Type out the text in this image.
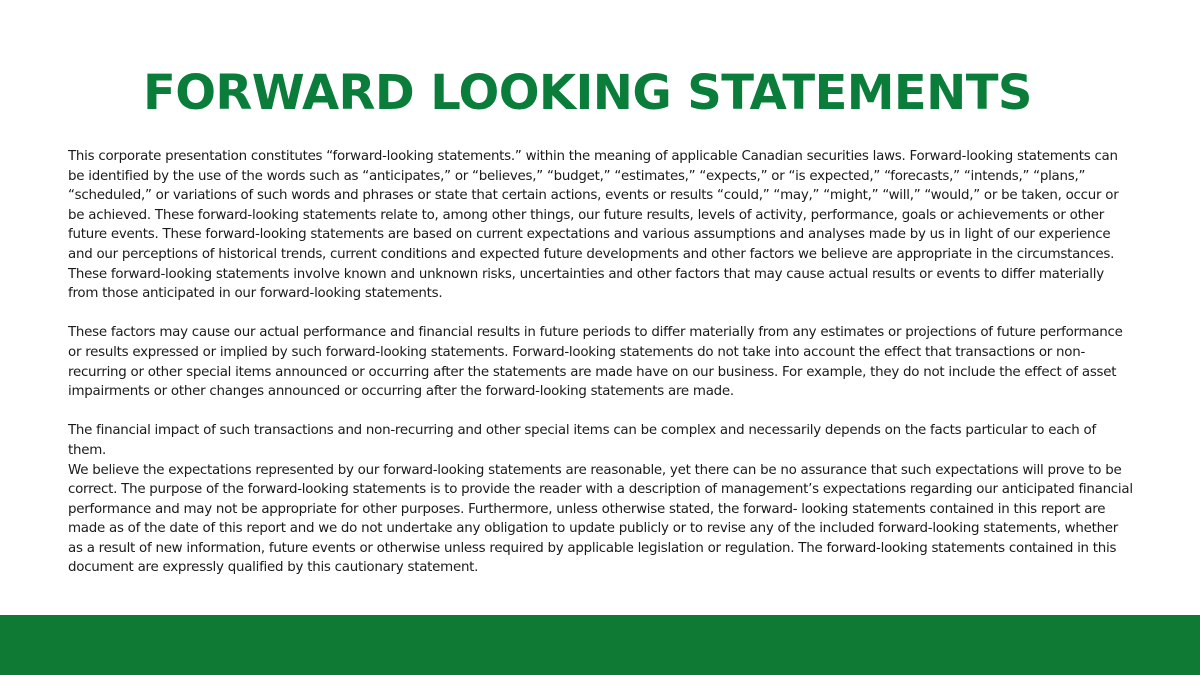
FORWARD LOOKING STATEMENTS

This corporate presentation constitutes “forward-looking statements.” within the meaning of applicable Canadian securities laws. Forward-looking statements can be identified by the use of the words such as “anticipates,” or “believes,” “budget,” “estimates,” “expects,” or “is expected,” “forecasts,” “intends,” “plans,” “scheduled,” or variations of such words and phrases or state that certain actions, events or results “could,” “may,” “might,” “will,” “would,” or be taken, occur or be achieved. These forward-looking statements relate to, among other things, our future results, levels of activity, performance, goals or achievements or other future events. These forward-looking statements are based on current expectations and various assumptions and analyses made by us in light of our experience and our perceptions of historical trends, current conditions and expected future developments and other factors we believe are appropriate in the circumstances. These forward-looking statements involve known and unknown risks, uncertainties and other factors that may cause actual results or events to differ materially from those anticipated in our forward-looking statements.

These factors may cause our actual performance and financial results in future periods to differ materially from any estimates or projections of future performance or results expressed or implied by such forward-looking statements. Forward-looking statements do not take into account the effect that transactions or non-recurring or other special items announced or occurring after the statements are made have on our business. For example, they do not include the effect of asset impairments or other changes announced or occurring after the forward-looking statements are made.

The financial impact of such transactions and non-recurring and other special items can be complex and necessarily depends on the facts particular to each of them.

We believe the expectations represented by our forward-looking statements are reasonable, yet there can be no assurance that such expectations will prove to be correct. The purpose of the forward-looking statements is to provide the reader with a description of management’s expectations regarding our anticipated financial performance and may not be appropriate for other purposes. Furthermore, unless otherwise stated, the forward- looking statements contained in this report are made as of the date of this report and we do not undertake any obligation to update publicly or to revise any of the included forward-looking statements, whether as a result of new information, future events or otherwise unless required by applicable legislation or regulation. The forward-looking statements contained in this document are expressly qualified by this cautionary statement.
